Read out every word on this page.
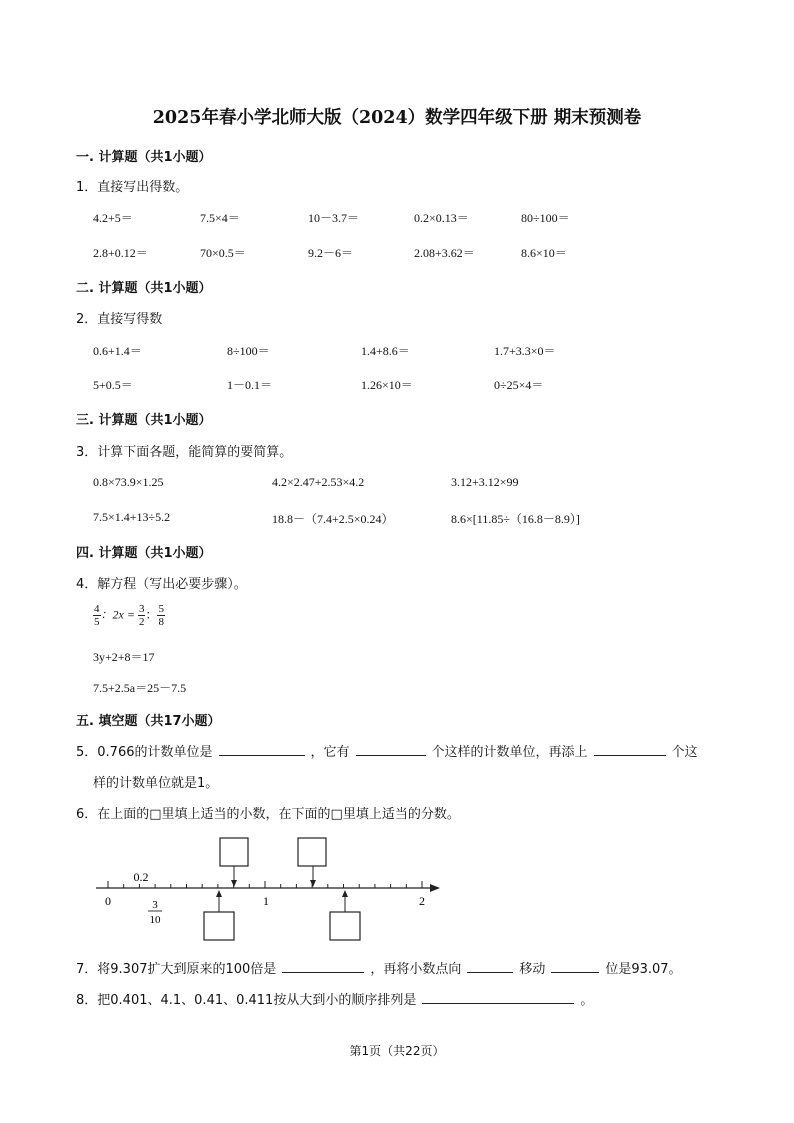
2025年春小学北师大版（2024）数学四年级下册 期末预测卷
一. 计算题（共1小题）
1．直接写出得数。
4.2+5＝	7.5×4＝	10－3.7＝	0.2×0.13＝	80÷100＝
2.8+0.12＝	70×0.5＝	9.2－6＝	2.08+3.62＝	8.6×10＝
二. 计算题（共1小题）
2．直接写得数
0.6+1.4＝	8÷100＝	1.4+8.6＝	1.7+3.3×0＝
5+0.5＝	1－0.1＝	1.26×10＝	0÷25×4＝
三. 计算题（共1小题）
3．计算下面各题，能简算的要简算。
0.8×73.9×1.25	4.2×2.47+2.53×4.2	3.12+3.12×99
7.5×1.4+13÷5.2	18.8－（7.4+2.5×0.24）	8.6×[11.85÷（16.8－8.9）]
四. 计算题（共1小题）
4．解方程（写出必要步骤）。
$\frac{4}{5}$ ：$2x = \frac{3}{2}$ ： $\frac{5}{8}$
3y+2+8＝17
7.5+2.5a＝25－7.5
五. 填空题（共17小题）
5．0.766的计数单位是	，它有	个这样的计数单位，再添上	个这
样的计数单位就是1。
6．在上面的□里填上适当的小数，在下面的□里填上适当的分数。
0
0.2
1	2
3
10
7．将9.307扩大到原来的100倍是	，再将小数点向	移动	位是93.07。
8．把0.401、4.1、0.41、0.411按从大到小的顺序排列是	。
第1页（共22页）
